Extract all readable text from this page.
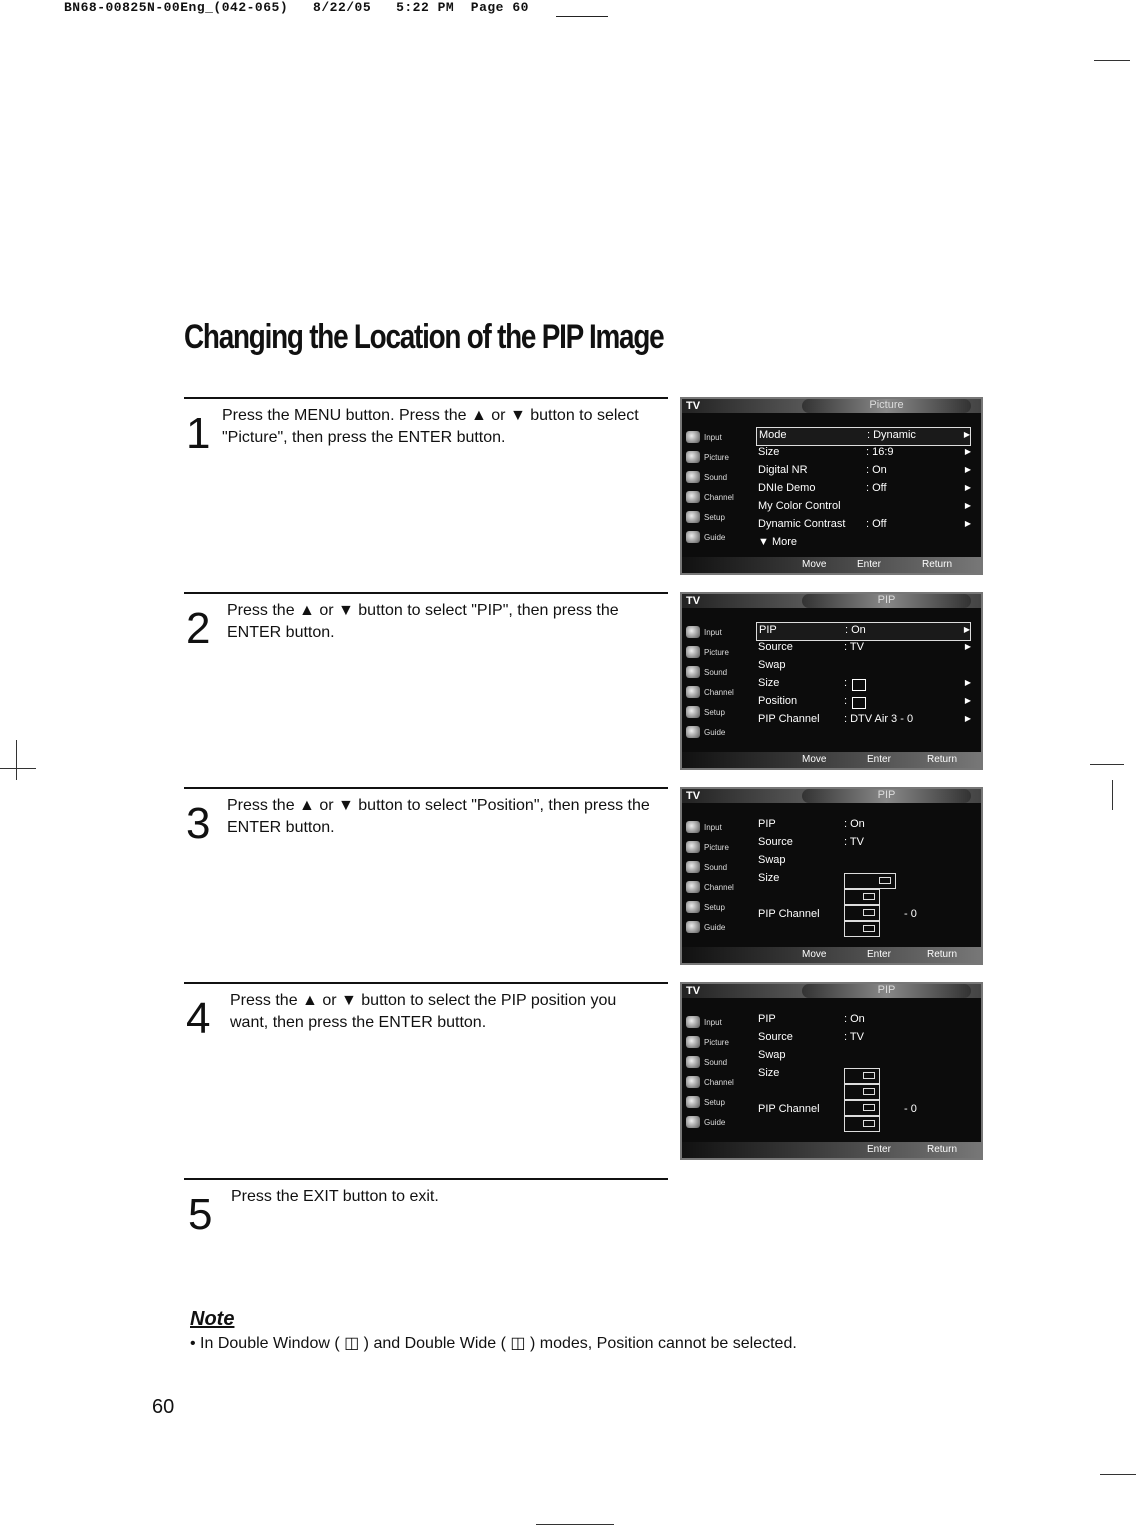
BN68-00825N-00Eng_(042-065) 8/22/05 5:22 PM Page 60
Changing the Location of the PIP Image
1 Press the MENU button. Press the ▲ or ▼ button to select "Picture", then press the ENTER button.
2 Press the ▲ or ▼ button to select "PIP", then press the ENTER button.
3 Press the ▲ or ▼ button to select "Position", then press the ENTER button.
4 Press the ▲ or ▼ button to select the PIP position you want, then press the ENTER button.
5 Press the EXIT button to exit.
TV	Picture
Input
Picture
Sound
Channel
Setup
Guide
Mode	: Dynamic	▶
Size	: 16:9	▶
Digital NR	: On	▶
DNIe Demo	: Off	▶
My Color Control	▶
Dynamic Contrast : Off	▶
▼ More
Move	Enter	Return
TV	PIP
Input
Picture
Sound
Channel
Setup
Guide
PIP	: On	▶
Source	: TV	▶
Swap
Size	:	▶
Position	:	▶
PIP Channel : DTV Air 3 - 0	▶
Move	Enter	Return
TV	PIP
Input
Picture
Sound
Channel
Setup
Guide
PIP	: On
Source	: TV
Swap
Size
PIP Channel	- 0
Move	Enter	Return
TV	PIP
Input
Picture
Sound
Channel
Setup
Guide
PIP	: On
Source	: TV
Swap
Size
PIP Channel	- 0
Enter	Return
Note
• In Double Window ( ◫ ) and Double Wide ( ◫ ) modes, Position cannot be selected.
60
